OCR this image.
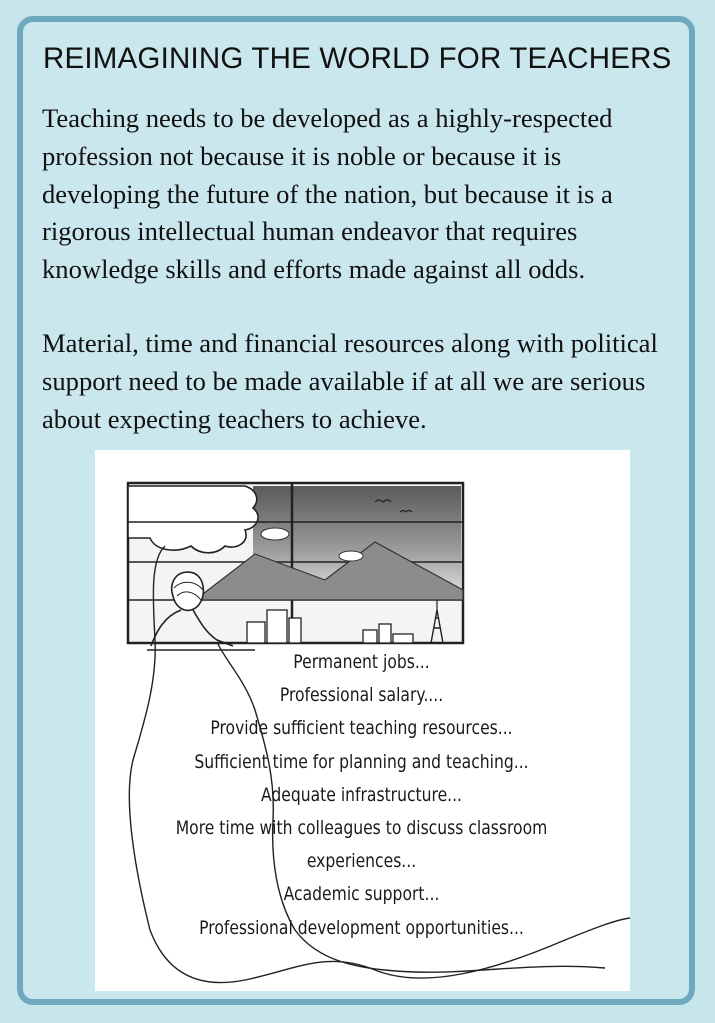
REIMAGINING THE WORLD FOR TEACHERS

Teaching needs to be developed as a highly-respected profession not because it is noble or because it is developing the future of the nation, but because it is a rigorous intellectual human endeavor that requires knowledge skills and efforts made against all odds.

Material, time and financial resources along with political support need to be made available if at all we are serious about expecting teachers to achieve.

Permanent jobs...
Professional salary....
Provide sufficient teaching resources...
Sufficient time for planning and teaching...
Adequate infrastructure...
More time with colleagues to discuss classroom
experiences...
Academic support...
Professional development opportunities...
